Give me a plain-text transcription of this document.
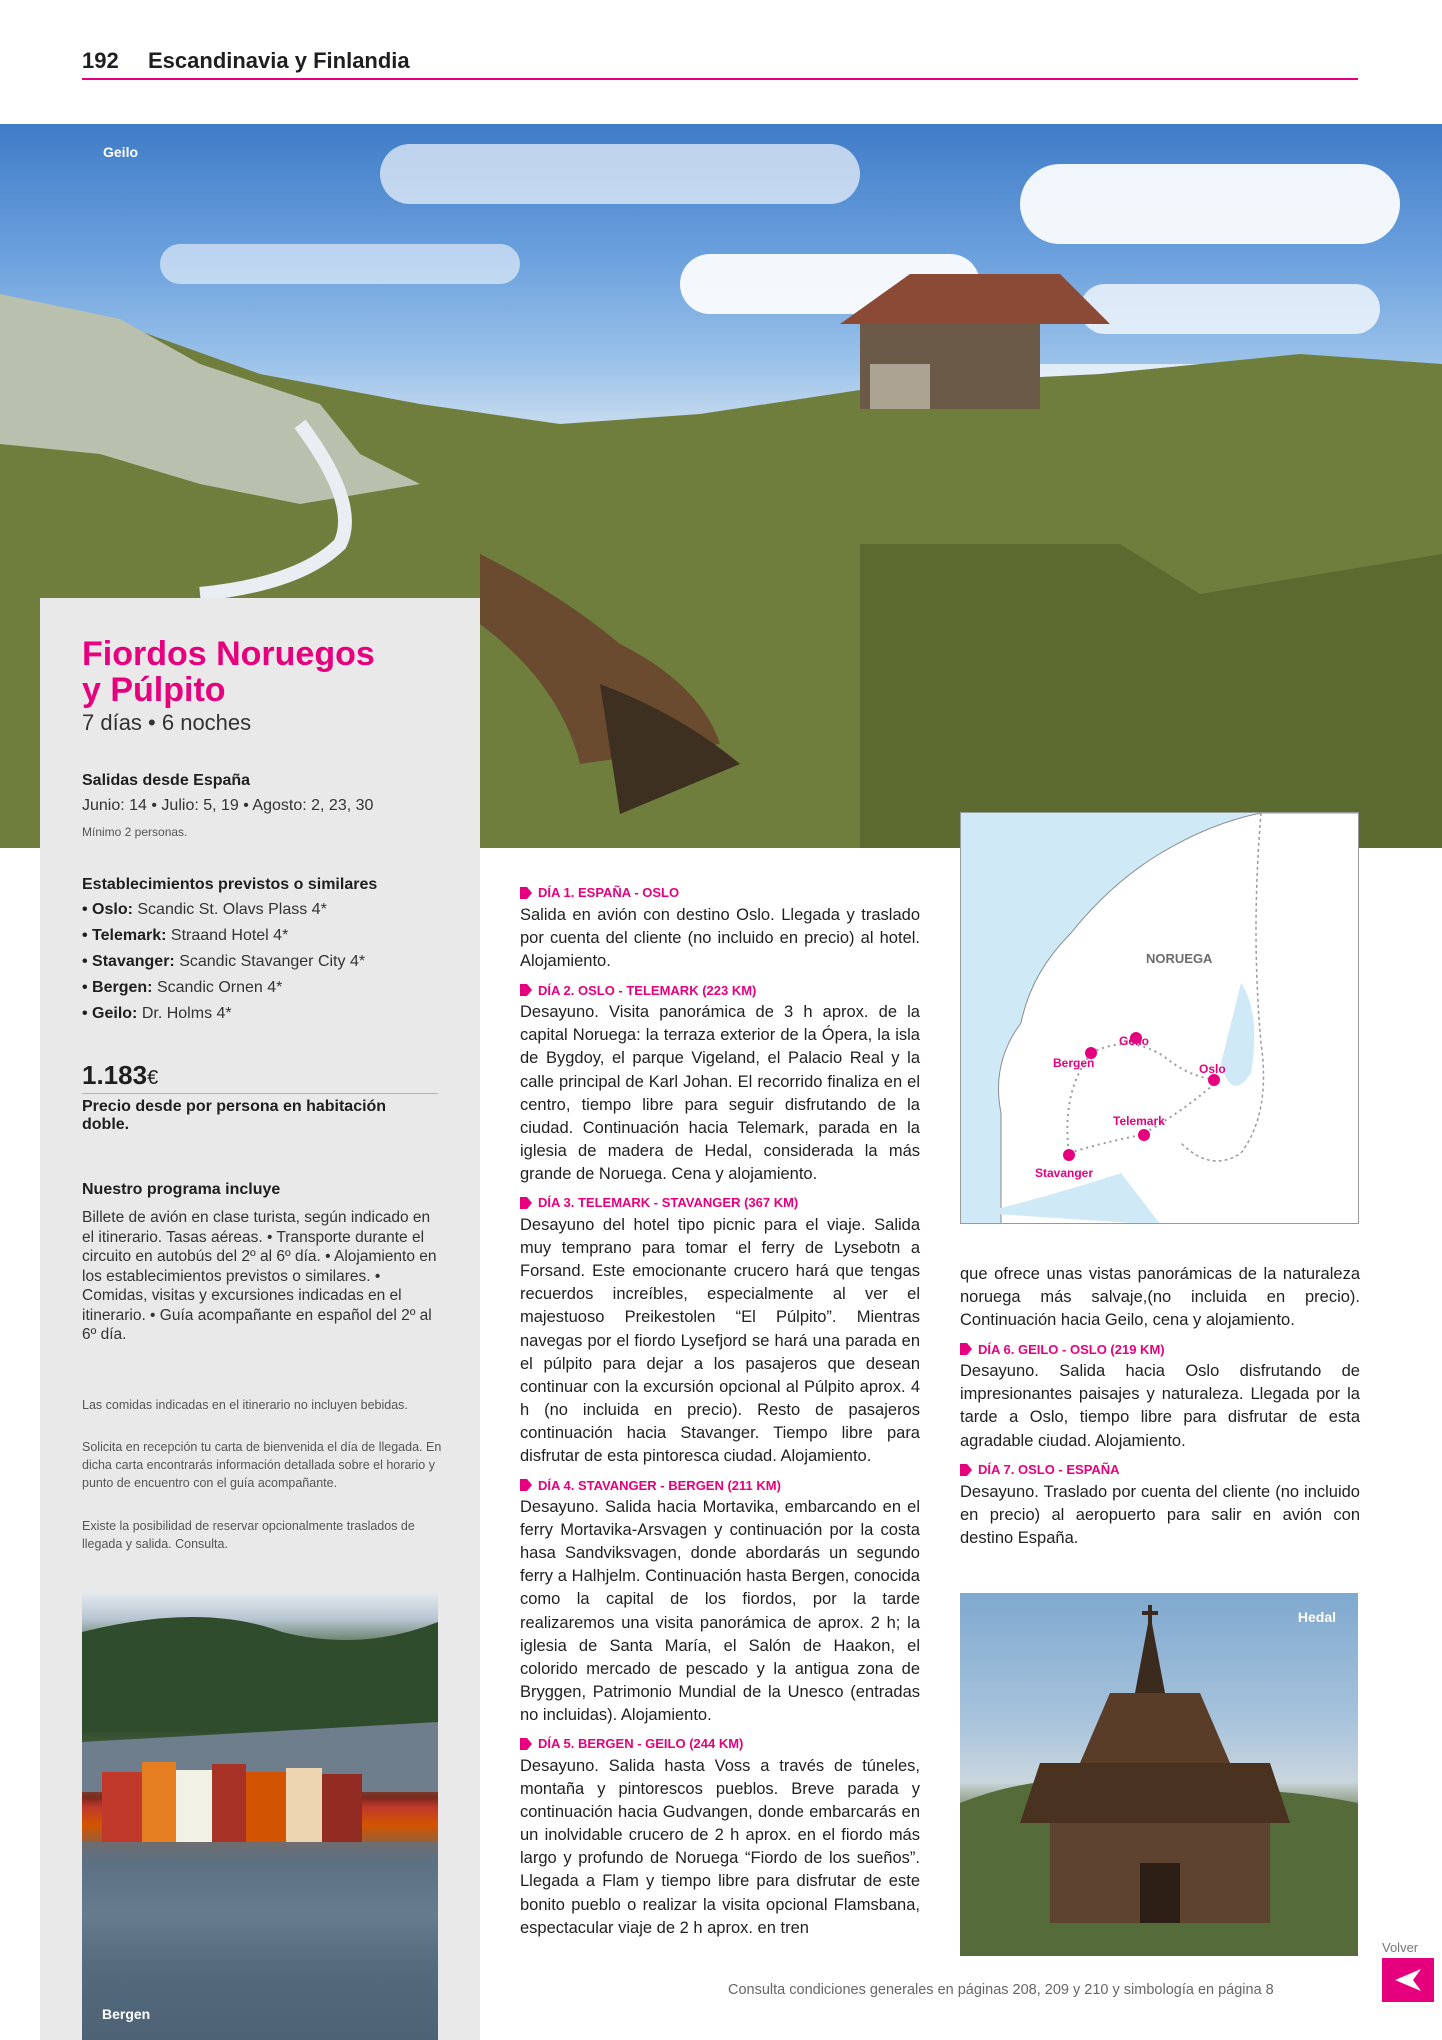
192 Escandinavia y Finlandia
Geilo
Fiordos Noruegos
y Púlpito
7 días • 6 noches
Salidas desde España
Junio: 14 • Julio: 5, 19 • Agosto: 2, 23, 30
Mínimo 2 personas.
Establecimientos previstos o similares
• Oslo: Scandic St. Olavs Plass 4*
• Telemark: Straand Hotel 4*
• Stavanger: Scandic Stavanger City 4*
• Bergen: Scandic Ornen 4*
• Geilo: Dr. Holms 4*
1.183€
Precio desde por persona en habitación
doble.
Nuestro programa incluye
Billete de avión en clase turista, según indicado en el itinerario. Tasas aéreas. • Transporte durante el circuito en autobús del 2º al 6º día. • Alojamiento en los establecimientos previstos o similares. • Comidas, visitas y excursiones indicadas en el itinerario. • Guía acompañante en español del 2º al 6º día.
Las comidas indicadas en el itinerario no incluyen bebidas.
Solicita en recepción tu carta de bienvenida el día de llegada. En dicha carta encontrarás información detallada sobre el horario y punto de encuentro con el guía acompañante.
Existe la posibilidad de reservar opcionalmente traslados de llegada y salida. Consulta.
Bergen
DÍA 1. ESPAÑA - OSLO
Salida en avión con destino Oslo. Llegada y traslado por cuenta del cliente (no incluido en precio) al hotel. Alojamiento.
DÍA 2. OSLO - TELEMARK (223 KM)
Desayuno. Visita panorámica de 3 h aprox. de la capital Noruega: la terraza exterior de la Ópera, la isla de Bygdoy, el parque Vigeland, el Palacio Real y la calle principal de Karl Johan. El recorrido finaliza en el centro, tiempo libre para seguir disfrutando de la ciudad. Continuación hacia Telemark, parada en la iglesia de madera de Hedal, considerada la más grande de Noruega. Cena y alojamiento.
DÍA 3. TELEMARK - STAVANGER (367 KM)
Desayuno del hotel tipo picnic para el viaje. Salida muy temprano para tomar el ferry de Lysebotn a Forsand. Este emocionante crucero hará que tengas recuerdos increíbles, especialmente al ver el majestuoso Preikestolen “El Púlpito”. Mientras navegas por el fiordo Lysefjord se hará una parada en el púlpito para dejar a los pasajeros que desean continuar con la excursión opcional al Púlpito aprox. 4 h (no incluida en precio). Resto de pasajeros continuación hacia Stavanger. Tiempo libre para disfrutar de esta pintoresca ciudad. Alojamiento.
DÍA 4. STAVANGER - BERGEN (211 KM)
Desayuno. Salida hacia Mortavika, embarcando en el ferry Mortavika-Arsvagen y continuación por la costa hasa Sandviksvagen, donde abordarás un segundo ferry a Halhjelm. Continuación hasta Bergen, conocida como la capital de los fiordos, por la tarde realizaremos una visita panorámica de aprox. 2 h; la iglesia de Santa María, el Salón de Haakon, el colorido mercado de pescado y la antigua zona de Bryggen, Patrimonio Mundial de la Unesco (entradas no incluidas). Alojamiento.
DÍA 5. BERGEN - GEILO (244 KM)
Desayuno. Salida hasta Voss a través de túneles, montaña y pintorescos pueblos. Breve parada y continuación hacia Gudvangen, donde embarcarás en un inolvidable crucero de 2 h aprox. en el fiordo más largo y profundo de Noruega “Fiordo de los sueños”. Llegada a Flam y tiempo libre para disfrutar de este bonito pueblo o realizar la visita opcional Flamsbana, espectacular viaje de 2 h aprox. en tren
NORUEGA
Bergen
Geilo
Oslo
Telemark
Stavanger
que ofrece unas vistas panorámicas de la naturaleza noruega más salvaje,(no incluida en precio). Continuación hacia Geilo, cena y alojamiento.
DÍA 6. GEILO - OSLO (219 KM)
Desayuno. Salida hacia Oslo disfrutando de impresionantes paisajes y naturaleza. Llegada por la tarde a Oslo, tiempo libre para disfrutar de esta agradable ciudad. Alojamiento.
DÍA 7. OSLO - ESPAÑA
Desayuno. Traslado por cuenta del cliente (no incluido en precio) al aeropuerto para salir en avión con destino España.
Hedal
Consulta condiciones generales en páginas 208, 209 y 210 y simbología en página 8
Volver
